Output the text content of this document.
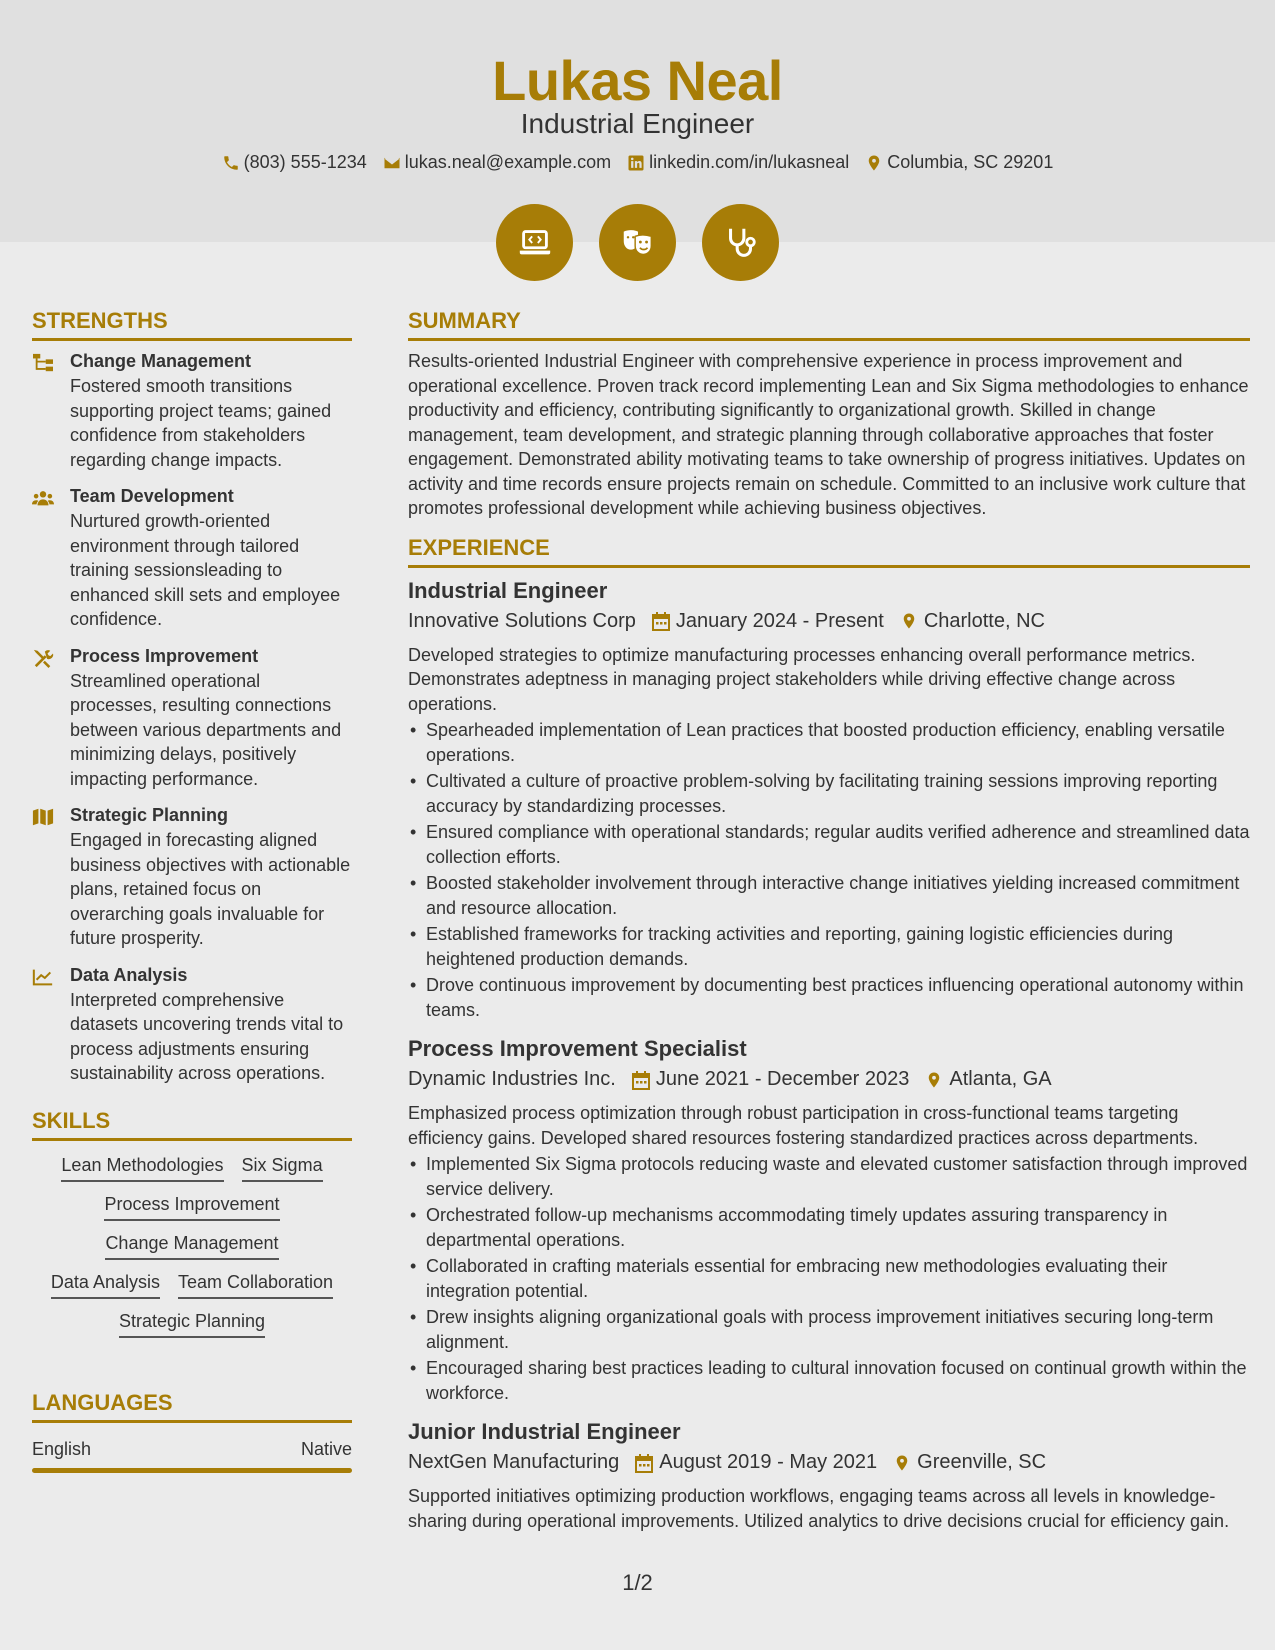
Lukas Neal
Industrial Engineer
(803) 555-1234 lukas.neal@example.com linkedin.com/in/lukasneal Columbia, SC 29201
STRENGTHS
Change Management

Fostered smooth transitions supporting project teams; gained confidence from stakeholders regarding change impacts.

Team Development

Nurtured growth-oriented environment through tailored training sessionsleading to enhanced skill sets and employee confidence.

Process Improvement

Streamlined operational processes, resulting connections between various departments and minimizing delays, positively impacting performance.

Strategic Planning

Engaged in forecasting aligned business objectives with actionable plans, retained focus on overarching goals invaluable for future prosperity.

Data Analysis

Interpreted comprehensive datasets uncovering trends vital to process adjustments ensuring sustainability across operations.

SKILLS
Lean Methodologies Six Sigma
Process Improvement
Change Management
Data Analysis Team Collaboration
Strategic Planning
LANGUAGES
English	Native
SUMMARY

Results-oriented Industrial Engineer with comprehensive experience in process improvement and operational excellence. Proven track record implementing Lean and Six Sigma methodologies to enhance productivity and efficiency, contributing significantly to organizational growth. Skilled in change management, team development, and strategic planning through collaborative approaches that foster engagement. Demonstrated ability motivating teams to take ownership of progress initiatives. Updates on activity and time records ensure projects remain on schedule. Committed to an inclusive work culture that promotes professional development while achieving business objectives.

EXPERIENCE
Industrial Engineer
Innovative Solutions Corp January 2024 - Present Charlotte, NC

Developed strategies to optimize manufacturing processes enhancing overall performance metrics. Demonstrates adeptness in managing project stakeholders while driving effective change across operations.

• Spearheaded implementation of Lean practices that boosted production efficiency, enabling versatile operations.
• Cultivated a culture of proactive problem-solving by facilitating training sessions improving reporting accuracy by standardizing processes.
• Ensured compliance with operational standards; regular audits verified adherence and streamlined data collection efforts.
• Boosted stakeholder involvement through interactive change initiatives yielding increased commitment and resource allocation.
• Established frameworks for tracking activities and reporting, gaining logistic efficiencies during heightened production demands.
• Drove continuous improvement by documenting best practices influencing operational autonomy within teams.
Process Improvement Specialist
Dynamic Industries Inc. June 2021 - December 2023 Atlanta, GA

Emphasized process optimization through robust participation in cross-functional teams targeting efficiency gains. Developed shared resources fostering standardized practices across departments.

• Implemented Six Sigma protocols reducing waste and elevated customer satisfaction through improved service delivery.
• Orchestrated follow-up mechanisms accommodating timely updates assuring transparency in departmental operations.
• Collaborated in crafting materials essential for embracing new methodologies evaluating their integration potential.
• Drew insights aligning organizational goals with process improvement initiatives securing long-term alignment.
• Encouraged sharing best practices leading to cultural innovation focused on continual growth within the workforce.
Junior Industrial Engineer
NextGen Manufacturing August 2019 - May 2021 Greenville, SC

Supported initiatives optimizing production workflows, engaging teams across all levels in knowledge-sharing during operational improvements. Utilized analytics to drive decisions crucial for efficiency gain.

1/2
